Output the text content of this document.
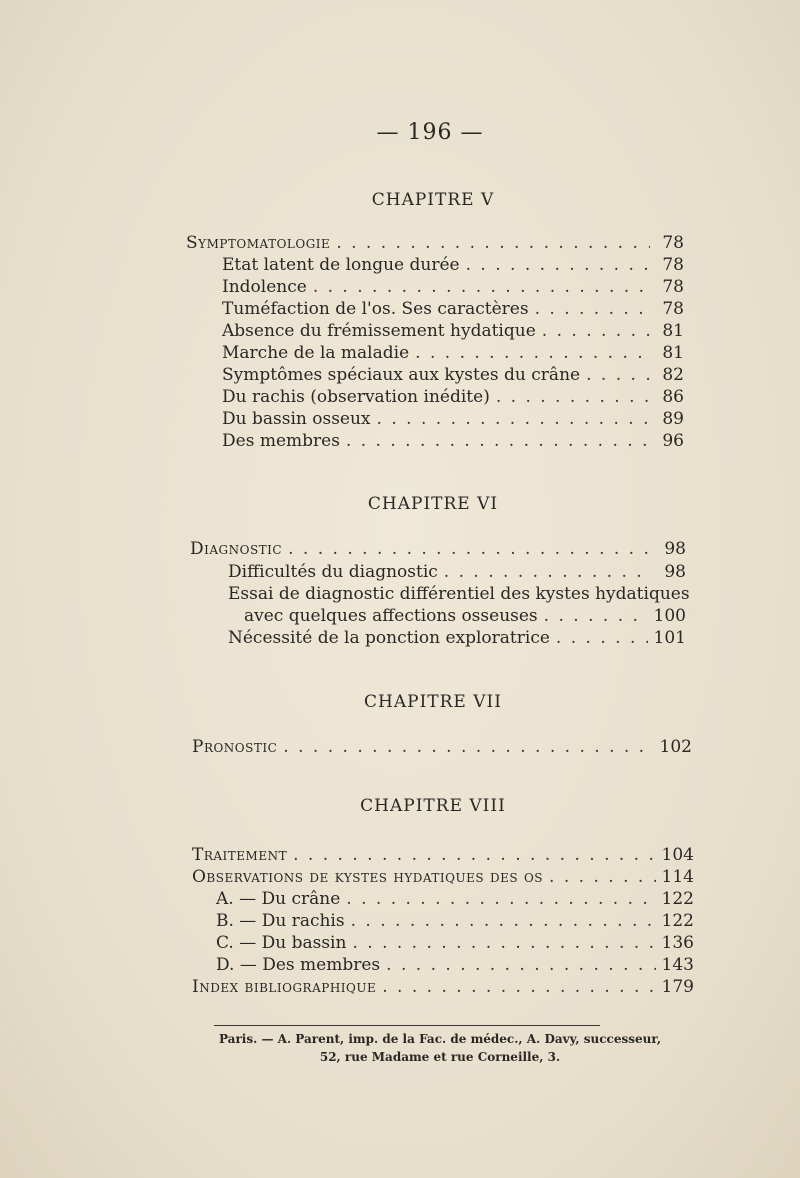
— 196 —
CHAPITRE V
Symptomatologie . . .	78
Etat latent de longue durée . . .	78
Indolence . . .	78
Tuméfaction de l'os. Ses caractères . . .	78
Absence du frémissement hydatique . . .	81
Marche de la maladie . . .	81
Symptômes spéciaux aux kystes du crâne . . .	82
Du rachis (observation inédite) . . .	86
Du bassin osseux . . .	89
Des membres . . .	96
CHAPITRE VI
Diagnostic . . .	98
Difficultés du diagnostic . . .	98
Essai de diagnostic différentiel des kystes hydatiques
avec quelques affections osseuses . . .	100
Nécessité de la ponction exploratrice . . .	101
CHAPITRE VII
Pronostic . . .	102
CHAPITRE VIII
Traitement . . .	104
Observations de kystes hydatiques des os . . .	114
A. — Du crâne . . .	122
B. — Du rachis . . .	122
C. — Du bassin . . .	136
D. — Des membres . . .	143
Index bibliographique . . .	179
Paris. — A. Parent, imp. de la Fac. de médec., A. Davy, successeur,
52, rue Madame et rue Corneille, 3.
